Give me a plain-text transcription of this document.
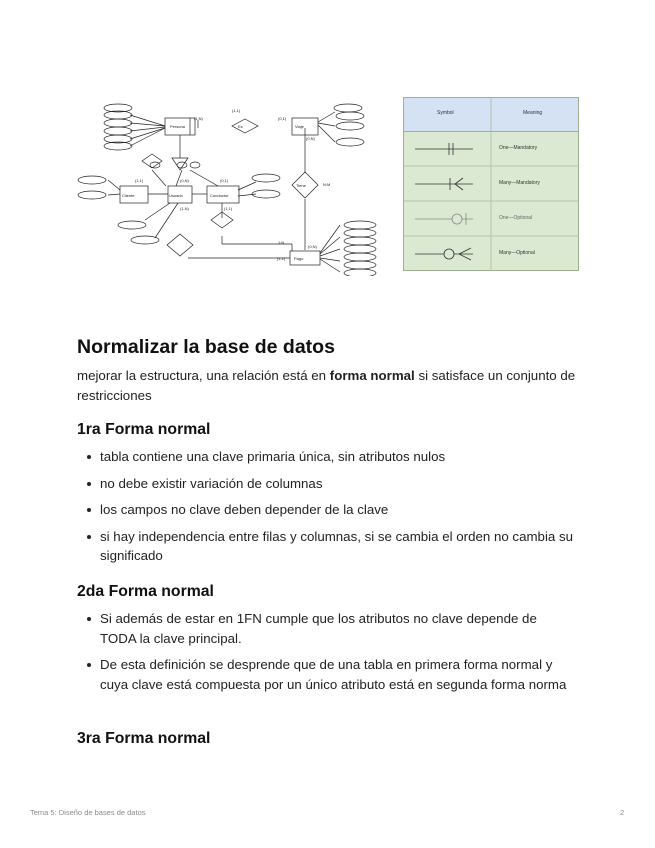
(1,1)
(1,N)	(0,1)
(0,N)
(1,1)	(0,N)	(0,1)
(1,N)
N:M
1:N
(0,N)
(1,1)
(1,1)
Persona
Cliente	Usuario	Conductor
Viaje
Pago
Es
Tiene
Symbol	Meaning
One—Mandatory
Many—Mandatory
One—Optional
Many—Optional
Normalizar la base de datos

mejorar la estructura, una relación está en forma normal si satisface un conjunto de restricciones

1ra Forma normal
tabla contiene una clave primaria única, sin atributos nulos
no debe existir variación de columnas
los campos no clave deben depender de la clave
si hay independencia entre filas y columnas, si se cambia el orden no cambia su significado
2da Forma normal
Si además de estar en 1FN cumple que los atributos no clave depende de TODA la clave principal.
De esta definición se desprende que de una tabla en primera forma normal y cuya clave está compuesta por un único atributo está en segunda forma norma
3ra Forma normal
Tema 5: Diseño de bases de datos	2
